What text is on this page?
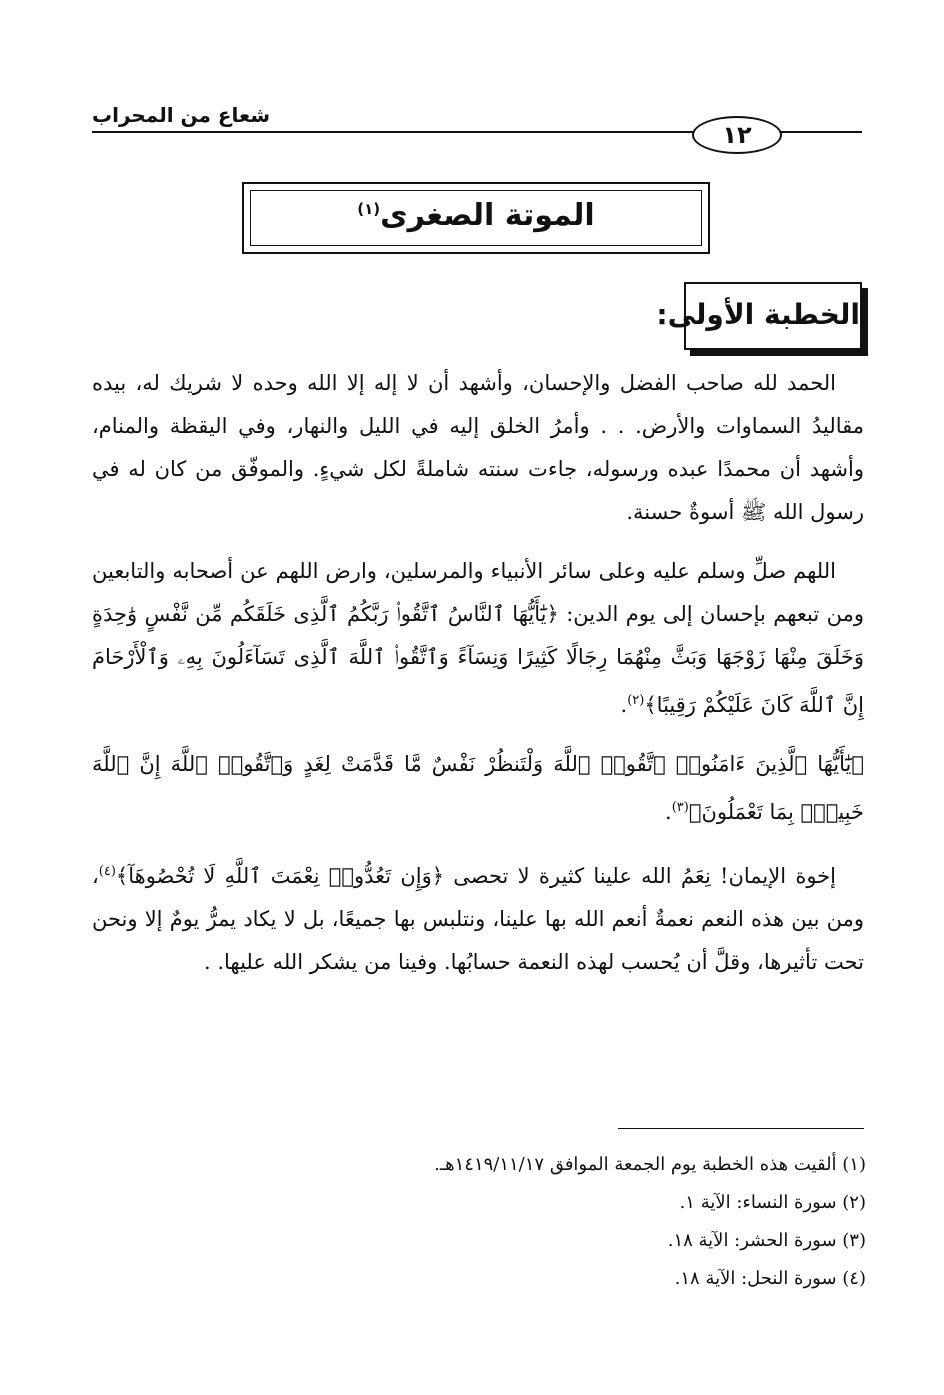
شعاع من المحراب
١٢
الموتة الصغرى$^{(١)}$
الخطبة الأولى:

الحمد لله صاحب الفضل والإحسان، وأشهد أن لا إله إلا الله وحده لا شريك له، بيده مقاليدُ السماوات والأرض. . . وأمرُ الخلق إليه في الليل والنهار، وفي اليقظة والمنام، وأشهد أن محمدًا عبده ورسوله، جاءت سنته شاملةً لكل شيءٍ. والموفّق من كان له في رسول الله ﷺ أسوةٌ حسنة.

اللهم صلِّ وسلم عليه وعلى سائر الأنبياء والمرسلين، وارض اللهم عن أصحابه والتابعين ومن تبعهم بإحسان إلى يوم الدين: ﴿يَٰٓأَيُّهَا ٱلنَّاسُ ٱتَّقُوا۟ رَبَّكُمُ ٱلَّذِى خَلَقَكُم مِّن نَّفْسٍ وَٰحِدَةٍ وَخَلَقَ مِنْهَا زَوْجَهَا وَبَثَّ مِنْهُمَا رِجَالًا كَثِيرًا وَنِسَآءً وَٱتَّقُوا۟ ٱللَّهَ ٱلَّذِى تَسَآءَلُونَ بِهِۦ وَٱلْأَرْحَامَ إِنَّ ٱللَّهَ كَانَ عَلَيْكُمْ رَقِيبًا﴾$^{(٢)}$.

﴿يَٰٓأَيُّهَا ٱلَّذِينَ ءَامَنُوا۟ ٱتَّقُوا۟ ٱللَّهَ وَلْتَنظُرْ نَفْسٌ مَّا قَدَّمَتْ لِغَدٍ وَٱتَّقُوا۟ ٱللَّهَ إِنَّ ٱللَّهَ خَبِيرٌۢ بِمَا تَعْمَلُونَ﴾$^{(٣)}$.

إخوة الإيمان! نِعَمُ الله علينا كثيرة لا تحصى ﴿وَإِن تَعُدُّوا۟ نِعْمَتَ ٱللَّهِ لَا تُحْصُوهَآ﴾$^{(٤)}$، ومن بين هذه النعم نعمةٌ أنعم الله بها علينا، ونتلبس بها جميعًا، بل لا يكاد يمرُّ يومٌ إلا ونحن تحت تأثيرها، وقلَّ أن يُحسب لهذه النعمة حسابُها. وفينا من يشكر الله عليها. .

(١) ألقيت هذه الخطبة يوم الجمعة الموافق ١٤١٩/١١/١٧هـ.
(٢) سورة النساء: الآية ١.
(٣) سورة الحشر: الآية ١٨.
(٤) سورة النحل: الآية ١٨.
